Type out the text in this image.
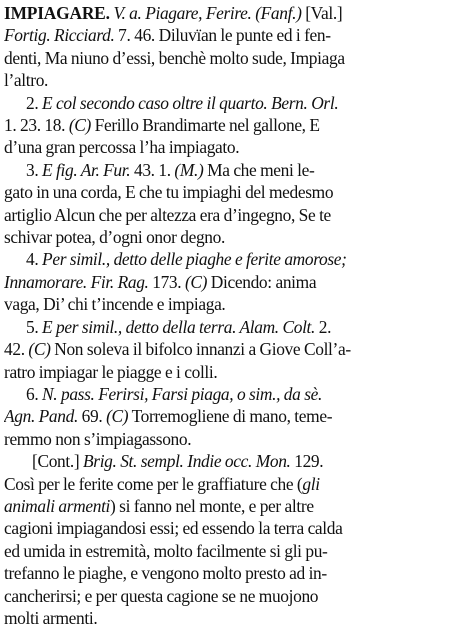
IMPIAGARE. V. a. Piagare, Ferire. (Fanf.) [Val.]
Fortig. Ricciard. 7. 46. Diluvïan le punte ed i fen-
denti, Ma niuno d’essi, benchè molto sude, Impiaga
l’altro.
2. E col secondo caso oltre il quarto. Bern. Orl.
1. 23. 18. (C) Ferillo Brandimarte nel gallone, E
d’una gran percossa l’ha impiagato.
3. E fig. Ar. Fur. 43. 1. (M.) Ma che meni le-
gato in una corda, E che tu impiaghi del medesmo
artiglio Alcun che per altezza era d’ingegno, Se te
schivar potea, d’ogni onor degno.
4. Per simil., detto delle piaghe e ferite amorose;
Innamorare. Fir. Rag. 173. (C) Dicendo: anima
vaga, Di’ chi t’incende e impiaga.
5. E per simil., detto della terra. Alam. Colt. 2.
42. (C) Non soleva il bifolco innanzi a Giove Coll’a-
ratro impiagar le piagge e i colli.
6. N. pass. Ferirsi, Farsi piaga, o sim., da sè.
Agn. Pand. 69. (C) Torremogliene di mano, teme-
remmo non s’impiagassono.
[Cont.] Brig. St. sempl. Indie occ. Mon. 129.
Così per le ferite come per le graffiature che (gli
animali armenti) si fanno nel monte, e per altre
cagioni impiagandosi essi; ed essendo la terra calda
ed umida in estremità, molto facilmente si gli pu-
trefanno le piaghe, e vengono molto presto ad in-
cancherirsi; e per questa cagione se ne muojono
molti armenti.
